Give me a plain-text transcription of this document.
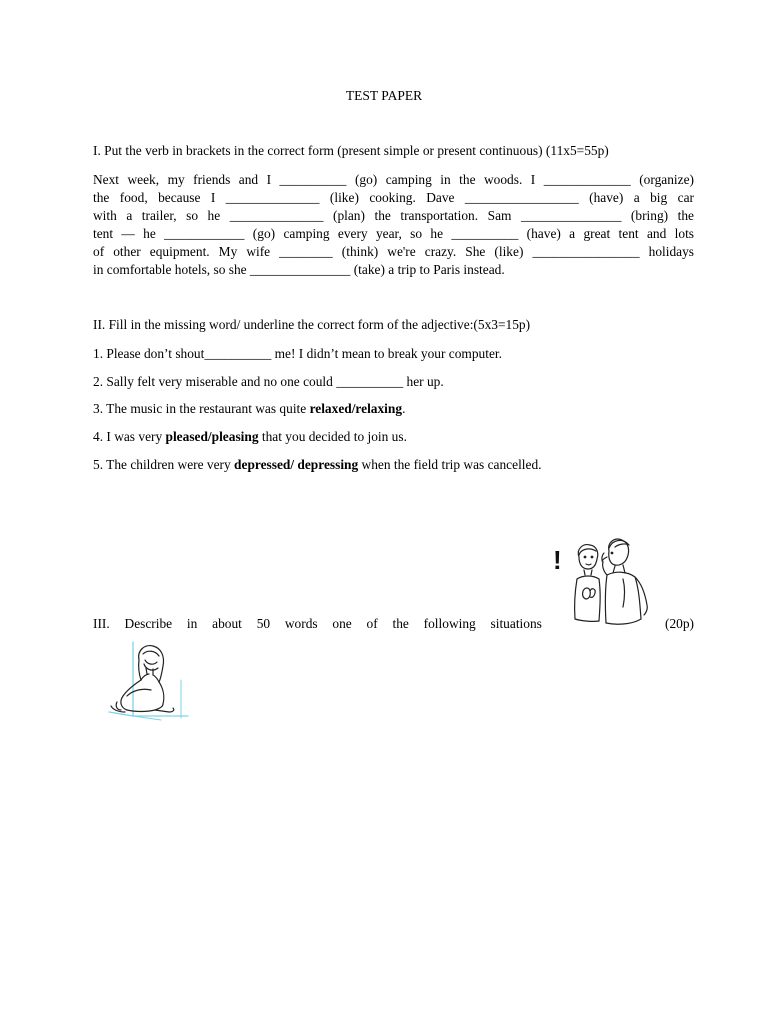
TEST PAPER
I. Put the verb in brackets in the correct form (present simple or present continuous) (11x5=55p)
Next week, my friends and I __________ (go) camping in the woods. I _____________ (organize)
the food, because I ______________ (like) cooking. Dave _________________ (have) a big car
with a trailer, so he ______________ (plan) the transportation. Sam _______________ (bring) the
tent — he ____________ (go) camping every year, so he __________ (have) a great tent and lots
of other equipment. My wife ________ (think) we're crazy. She (like) ________________ holidays
in comfortable hotels, so she _______________ (take) a trip to Paris instead.
II. Fill in the missing word/ underline the correct form of the adjective:(5x3=15p)
1. Please don’t shout__________ me! I didn’t mean to break your computer.
2. Sally felt very miserable and no one could __________ her up.
3. The music in the restaurant was quite relaxed/relaxing.
4. I was very pleased/pleasing that you decided to join us.
5. The children were very depressed/ depressing when the field trip was cancelled.
III. Describe in about 50 words one of the following situations	(20p)
!
